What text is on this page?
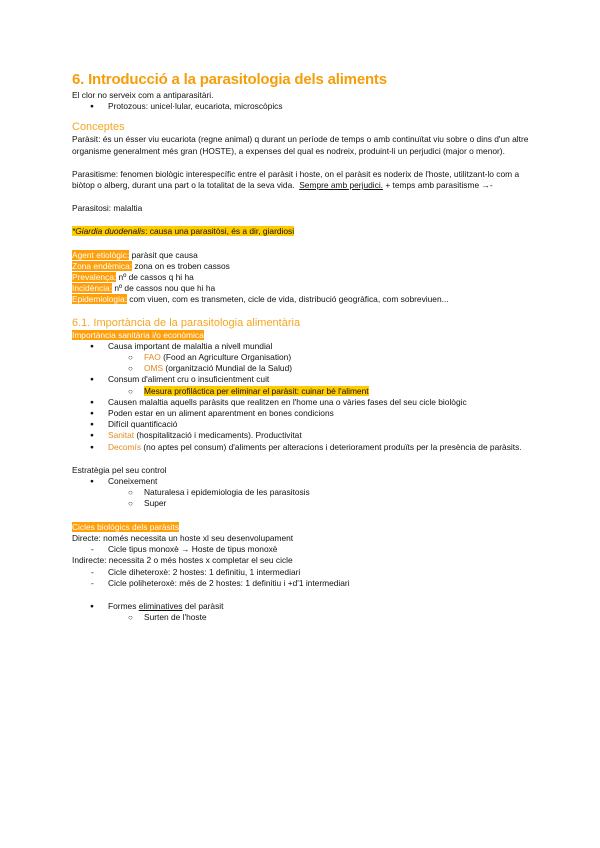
6. Introducció a la parasitologia dels aliments

El clor no serveix com a antiparasitàri.

● Protozous: unicel·lular, eucariota, microscòpics
Conceptes

Paràsit: és un ésser viu eucariota (regne animal) q durant un període de temps o amb continuïtat viu sobre o dins d'un altre organisme generalment més gran (HOSTE), a expenses del qual es nodreix, produint-li un perjudici (major o menor).

Parasitisme: fenomen biològic interespecífic entre el paràsit i hoste, on el paràsit es noderix de l'hoste, utilitzant-lo com a biòtop o alberg, durant una part o la totalitat de la seva vida. Sempre amb perjudici. + temps amb parasitisme →-

Parasitosi: malaltia

*Giardia duodenalis: causa una parasitòsi, és a dir, giardiosi

Agent etiològic: paràsit que causa

Zona endèmica: zona on es troben cassos

Prevalença: nº de cassos q hi ha

Incidència: nº de cassos nou que hi ha

Epidemiologia: com viuen, com es transmeten, cicle de vida, distribució geogràfica, com sobreviuen...

6.1. Importància de la parasitologia alimentària

Importància sanitària i/o econòmica

● Causa important de malaltia a nivell mundial
○ FAO (Food an Agriculture Organisation)
○ OMS (organització Mundial de la Salud)
● Consum d'aliment cru o insuficientment cuit
○ Mesura profiláctica per eliminar el paràsit: cuinar bé l'aliment
● Causen malaltia aquells paràsits que realitzen en l'home una o vàries fases del seu cicle biològic
● Poden estar en un aliment aparentment en bones condicions
● Difícil quantificació
● Sanitat (hospitalització i medicaments). Productivitat
● Decomís (no aptes pel consum) d'aliments per alteracions i deteriorament produïts per la presència de paràsits.

Estratègia pel seu control

● Coneixement
○ Naturalesa i epidemiologia de les parasitosis
○ Super

Cicles biològics dels paràsits

Directe: només necessita un hoste xl seu desenvolupament

- Cicle tipus monoxè → Hoste de tipus monoxè

Indirecte: necessita 2 o més hostes x completar el seu cicle

- Cicle diheteroxè: 2 hostes: 1 definitiu, 1 intermediari
- Cicle poliheteroxè: més de 2 hostes: 1 definitiu i +d'1 intermediari
● Formes eliminatives del paràsit
○ Surten de l'hoste
